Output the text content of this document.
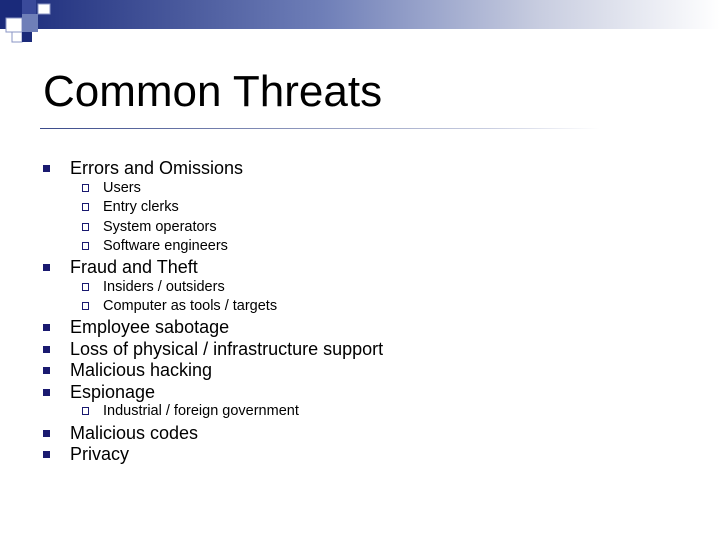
Common Threats
Errors and Omissions
Users
Entry clerks
System operators
Software engineers
Fraud and Theft
Insiders / outsiders
Computer as tools / targets
Employee sabotage
Loss of physical / infrastructure support
Malicious hacking
Espionage
Industrial / foreign government
Malicious codes
Privacy
